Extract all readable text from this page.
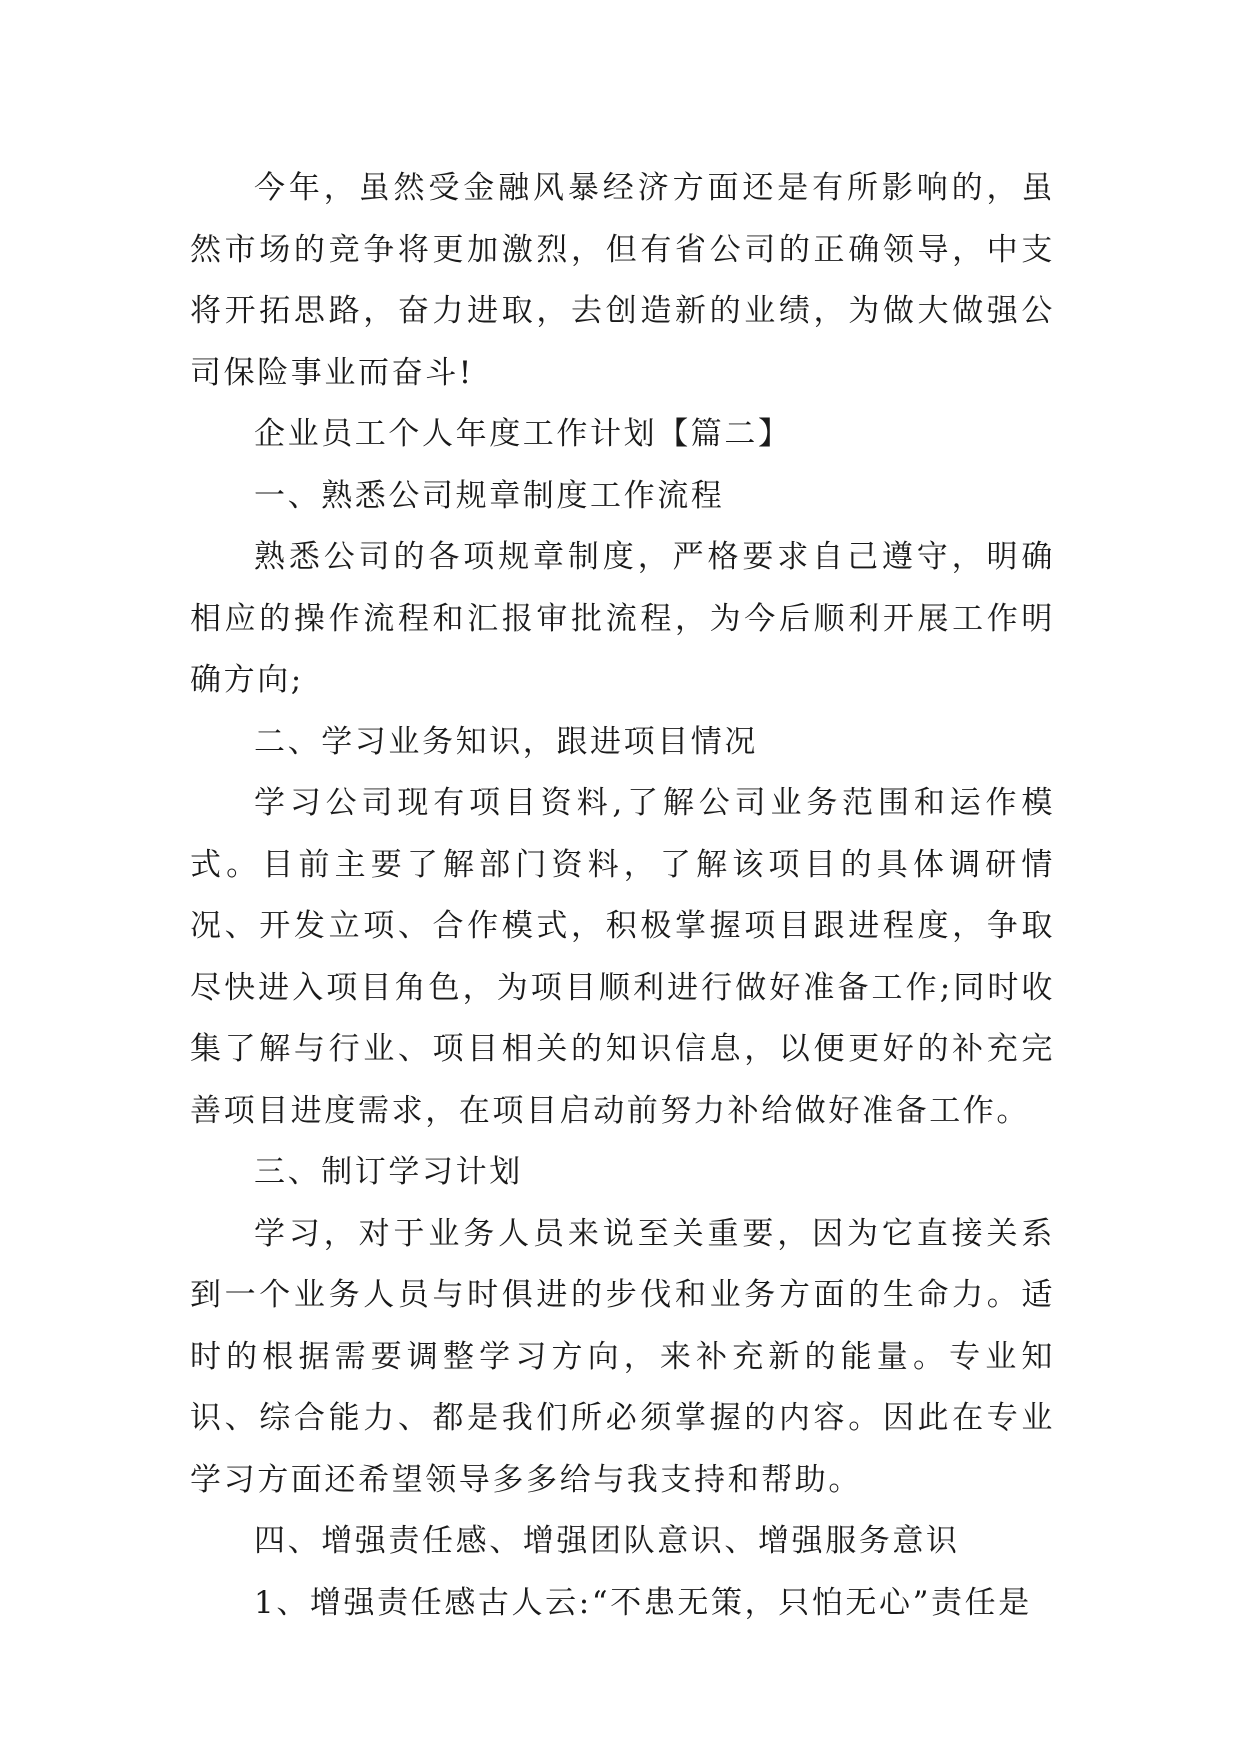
今年，虽然受金融风暴经济方面还是有所影响的，虽然市场的竞争将更加激烈，但有省公司的正确领导，中支将开拓思路，奋力进取，去创造新的业绩，为做大做强公司保险事业而奋斗!

企业员工个人年度工作计划【篇二】

一、熟悉公司规章制度工作流程

熟悉公司的各项规章制度，严格要求自己遵守，明确相应的操作流程和汇报审批流程，为今后顺利开展工作明确方向;

二、学习业务知识，跟进项目情况

学习公司现有项目资料,了解公司业务范围和运作模式。目前主要了解部门资料，了解该项目的具体调研情况、开发立项、合作模式，积极掌握项目跟进程度，争取尽快进入项目角色，为项目顺利进行做好准备工作;同时收集了解与行业、项目相关的知识信息，以便更好的补充完善项目进度需求，在项目启动前努力补给做好准备工作。

三、制订学习计划

学习，对于业务人员来说至关重要，因为它直接关系到一个业务人员与时俱进的步伐和业务方面的生命力。适时的根据需要调整学习方向，来补充新的能量。专业知识、综合能力、都是我们所必须掌握的内容。因此在专业学习方面还希望领导多多给与我支持和帮助。

四、增强责任感、增强团队意识、增强服务意识

1、增强责任感古人云:“不患无策，只怕无心”责任是
